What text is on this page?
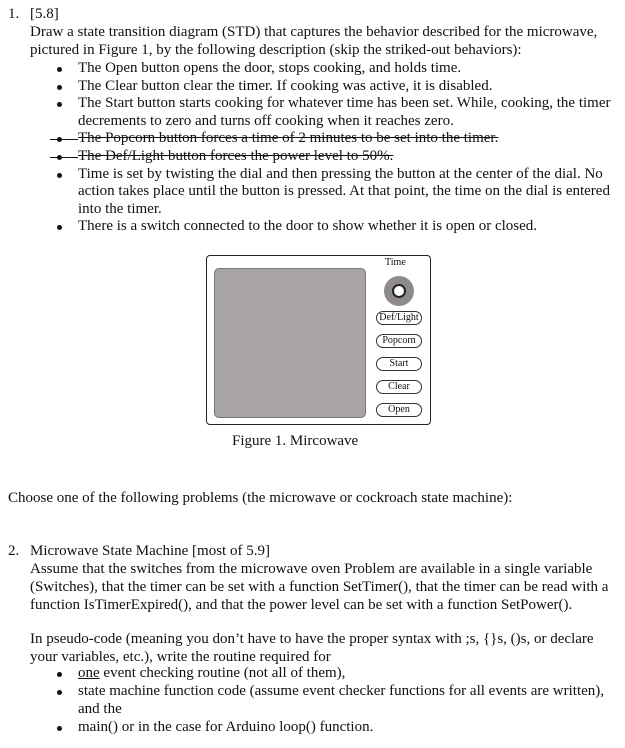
1. [5.8]
Draw a state transition diagram (STD) that captures the behavior described for the microwave,
pictured in Figure 1, by the following description (skip the striked-out behaviors):
The Open button opens the door, stops cooking, and holds time.
The Clear button clear the timer. If cooking was active, it is disabled.
The Start button starts cooking for whatever time has been set. While, cooking, the timer
decrements to zero and turns off cooking when it reaches zero.
The Popcorn button forces a time of 2 minutes to be set into the timer.
The Def/Light button forces the power level to 50%.
Time is set by twisting the dial and then pressing the button at the center of the dial. No
action takes place until the button is pressed. At that point, the time on the dial is entered
into the timer.
There is a switch connected to the door to show whether it is open or closed.
Time
Def/Light
Popcorn
Start
Clear
Open
Figure 1. Mircowave
Choose one of the following problems (the microwave or cockroach state machine):
2. Microwave State Machine [most of 5.9]
Assume that the switches from the microwave oven Problem are available in a single variable
(Switches), that the timer can be set with a function SetTimer(), that the timer can be read with a
function IsTimerExpired(), and that the power level can be set with a function SetPower().
In pseudo-code (meaning you don’t have to have the proper syntax with ;s, {}s, ()s, or declare
your variables, etc.), write the routine required for
one event checking routine (not all of them),
state machine function code (assume event checker functions for all events are written),
and the
main() or in the case for Arduino loop() function.
